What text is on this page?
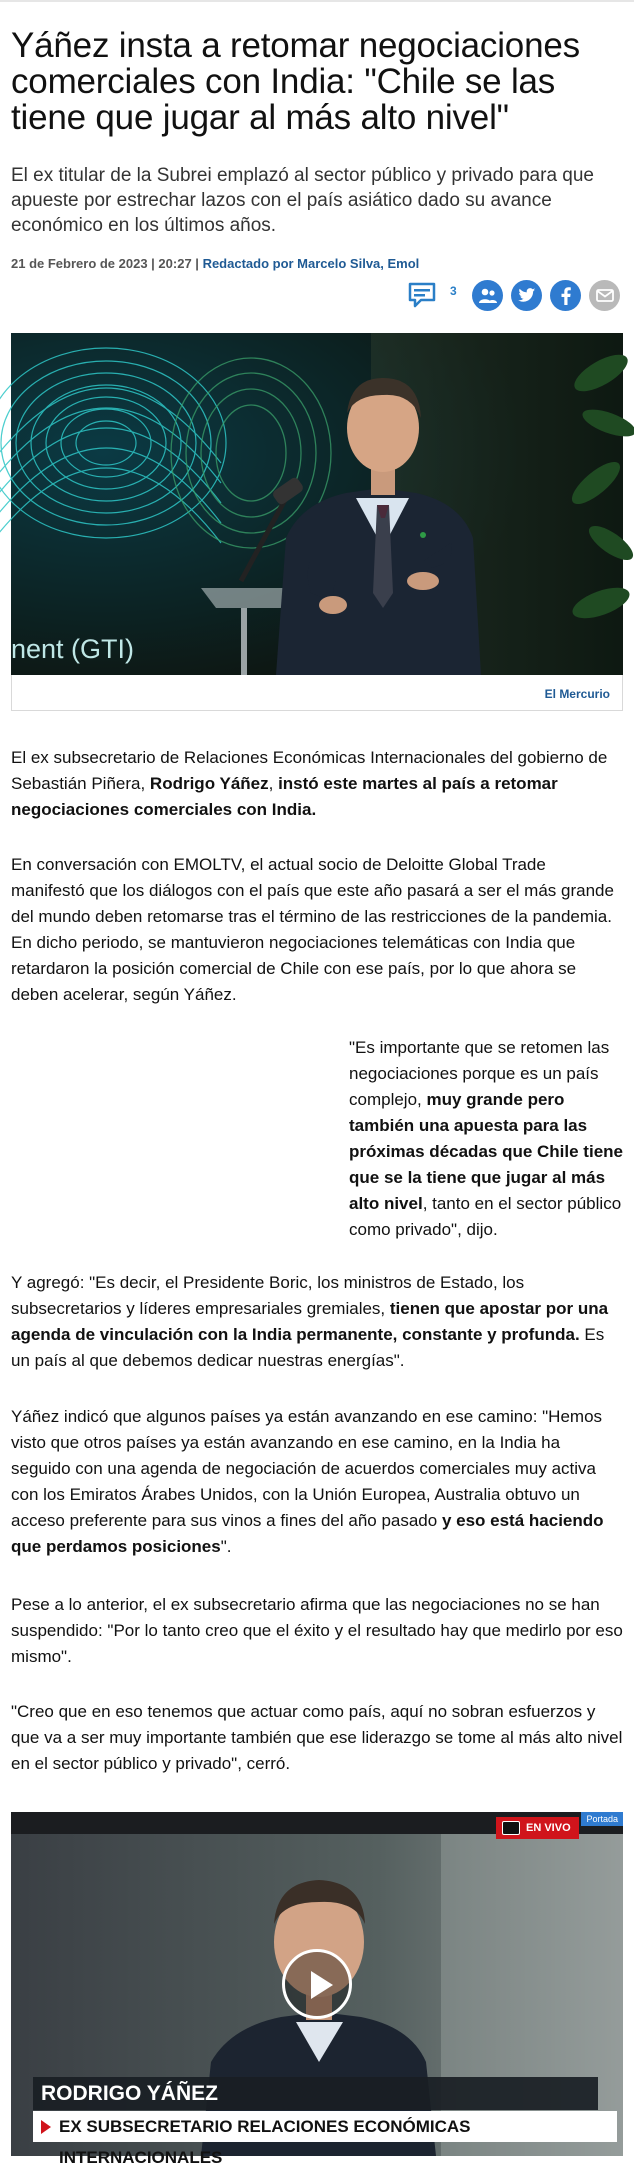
Yáñez insta a retomar negociaciones comerciales con India: "Chile se las tiene que jugar al más alto nivel"

El ex titular de la Subrei emplazó al sector público y privado para que apueste por estrechar lazos con el país asiático dado su avance económico en los últimos años.

21 de Febrero de 2023 | 20:27 | Redactado por Marcelo Silva, Emol
3
nent (GTI)
El Mercurio

El ex subsecretario de Relaciones Económicas Internacionales del gobierno de Sebastián Piñera, Rodrigo Yáñez, instó este martes al país a retomar negociaciones comerciales con India.

En conversación con EMOLTV, el actual socio de Deloitte Global Trade manifestó que los diálogos con el país que este año pasará a ser el más grande del mundo deben retomarse tras el término de las restricciones de la pandemia. En dicho periodo, se mantuvieron negociaciones telemáticas con India que retardaron la posición comercial de Chile con ese país, por lo que ahora se deben acelerar, según Yáñez.

"Es importante que se retomen las negociaciones porque es un país complejo, muy grande pero también una apuesta para las próximas décadas que Chile tiene que se la tiene que jugar al más alto nivel, tanto en el sector público como privado", dijo.

Y agregó: "Es decir, el Presidente Boric, los ministros de Estado, los subsecretarios y líderes empresariales gremiales, tienen que apostar por una agenda de vinculación con la India permanente, constante y profunda. Es un país al que debemos dedicar nuestras energías".

Yáñez indicó que algunos países ya están avanzando en ese camino: "Hemos visto que otros países ya están avanzando en ese camino, en la India ha seguido con una agenda de negociación de acuerdos comerciales muy activa con los Emiratos Árabes Unidos, con la Unión Europea, Australia obtuvo un acceso preferente para sus vinos a fines del año pasado y eso está haciendo que perdamos posiciones".

Pese a lo anterior, el ex subsecretario afirma que las negociaciones no se han suspendido: "Por lo tanto creo que el éxito y el resultado hay que medirlo por eso mismo".

"Creo que en eso tenemos que actuar como país, aquí no sobran esfuerzos y que va a ser muy importante también que ese liderazgo se tome al más alto nivel en el sector público y privado", cerró.

Portada
EN VIVO
RODRIGO YÁÑEZ
EX SUBSECRETARIO RELACIONES ECONÓMICAS INTERNACIONALES
